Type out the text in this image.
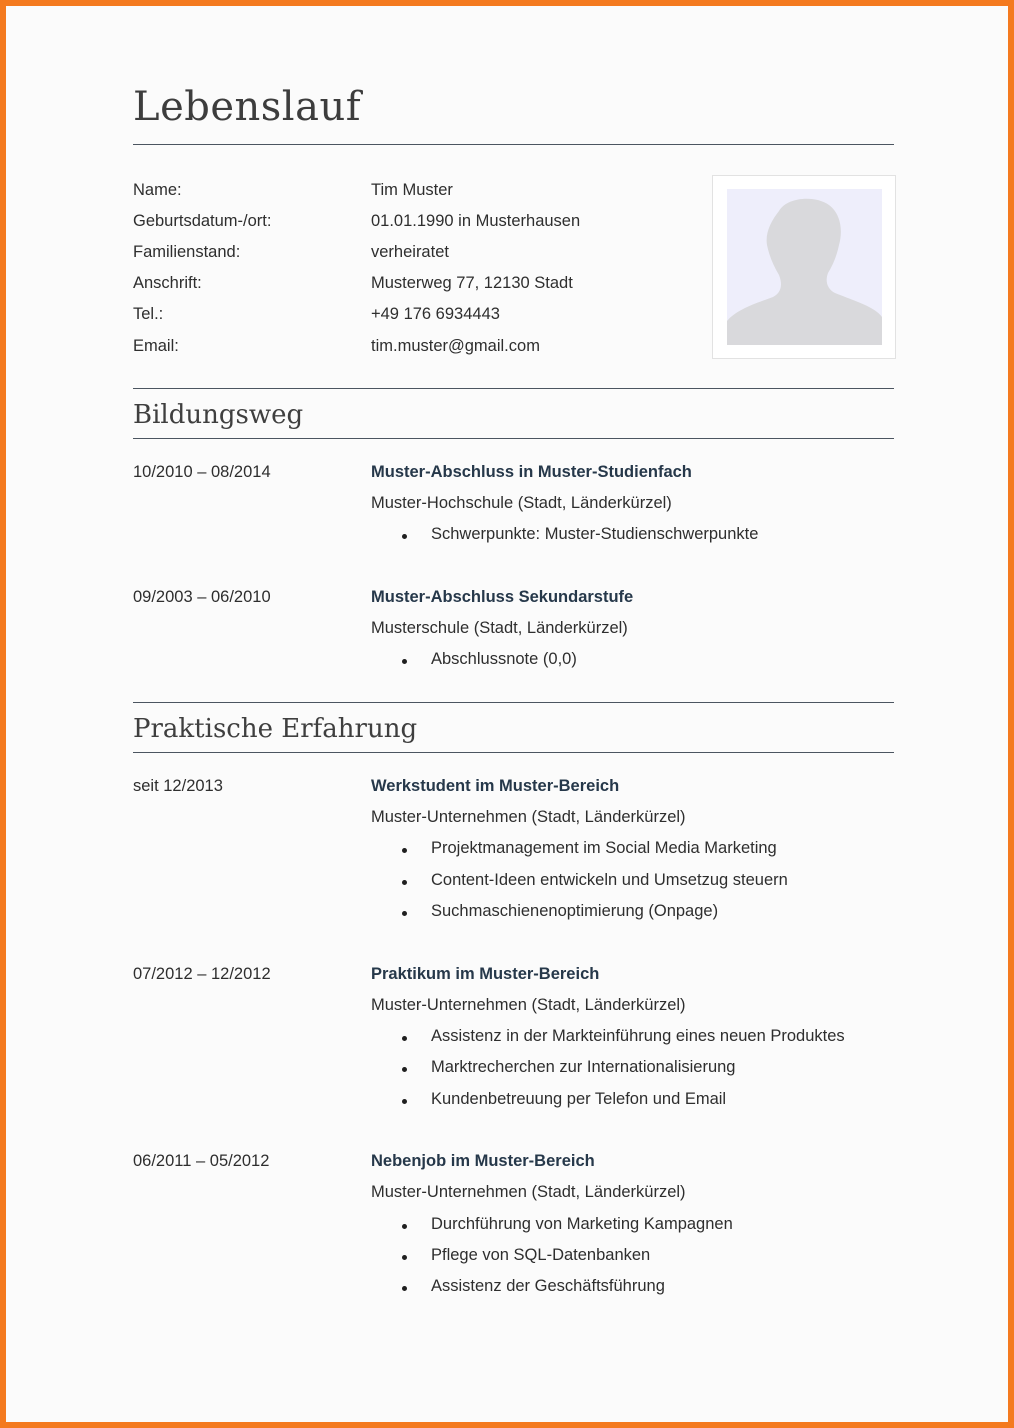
Lebenslauf
Name:	Tim Muster
Geburtsdatum-/ort:	01.01.1990 in Musterhausen
Familienstand:	verheiratet
Anschrift:	Musterweg 77, 12130 Stadt
Tel.:	+49 176 6934443
Email:	tim.muster@gmail.com
Bildungsweg
10/2010 – 08/2014	Muster-Abschluss in Muster-Studienfach
Muster-Hochschule (Stadt, Länderkürzel)
Schwerpunkte: Muster-Studienschwerpunkte
09/2003 – 06/2010	Muster-Abschluss Sekundarstufe
Musterschule (Stadt, Länderkürzel)
Abschlussnote (0,0)
Praktische Erfahrung
seit 12/2013	Werkstudent im Muster-Bereich
Muster-Unternehmen (Stadt, Länderkürzel)
Projektmanagement im Social Media Marketing
Content-Ideen entwickeln und Umsetzug steuern
Suchmaschienenoptimierung (Onpage)
07/2012 – 12/2012	Praktikum im Muster-Bereich
Muster-Unternehmen (Stadt, Länderkürzel)
Assistenz in der Markteinführung eines neuen Produktes
Marktrecherchen zur Internationalisierung
Kundenbetreuung per Telefon und Email
06/2011 – 05/2012	Nebenjob im Muster-Bereich
Muster-Unternehmen (Stadt, Länderkürzel)
Durchführung von Marketing Kampagnen
Pflege von SQL-Datenbanken
Assistenz der Geschäftsführung
